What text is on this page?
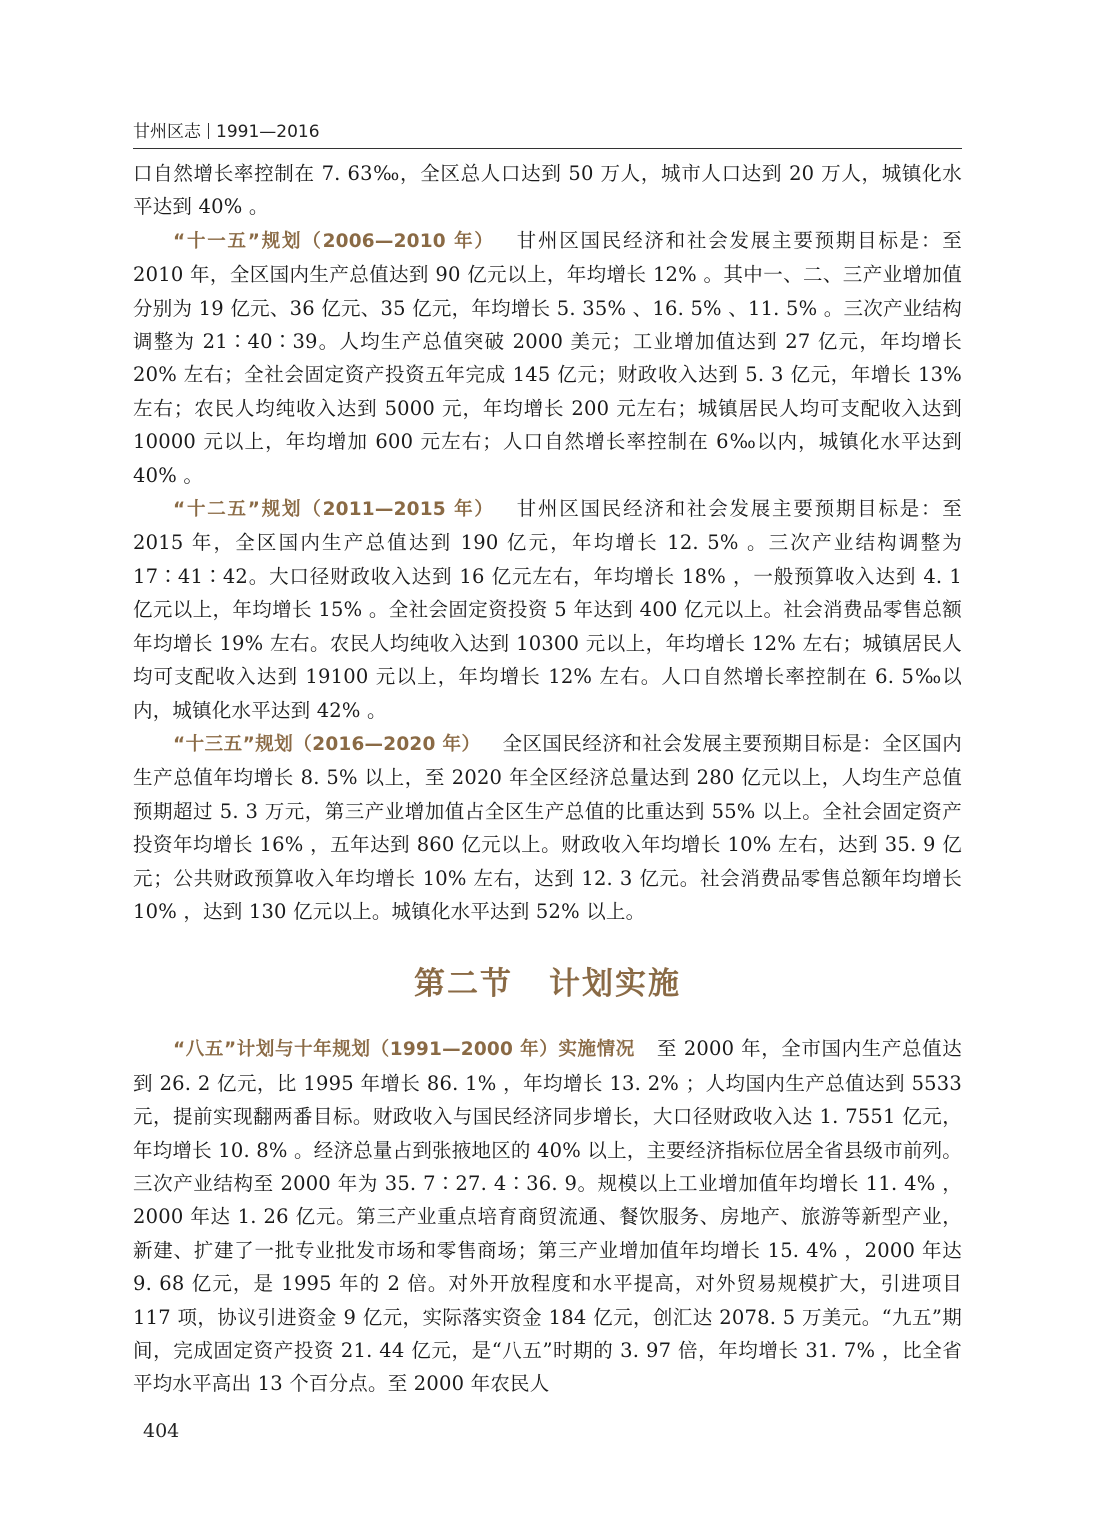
甘州区志 1991—2016

口自然增长率控制在 7. 63‰，全区总人口达到 50 万人，城市人口达到 20 万人，城镇化水平达到 40% 。

“十一五”规划（2006—2010 年） 甘州区国民经济和社会发展主要预期目标是：至 2010 年，全区国内生产总值达到 90 亿元以上，年均增长 12% 。其中一、二、三产业增加值分别为 19 亿元、36 亿元、35 亿元，年均增长 5. 35% 、16. 5% 、11. 5% 。三次产业结构调整为 21∶40∶39。人均生产总值突破 2000 美元；工业增加值达到 27 亿元，年均增长 20% 左右；全社会固定资产投资五年完成 145 亿元；财政收入达到 5. 3 亿元，年增长 13% 左右；农民人均纯收入达到 5000 元，年均增长 200 元左右；城镇居民人均可支配收入达到 10000 元以上，年均增加 600 元左右；人口自然增长率控制在 6‰以内，城镇化水平达到 40% 。

“十二五”规划（2011—2015 年） 甘州区国民经济和社会发展主要预期目标是：至 2015 年，全区国内生产总值达到 190 亿元，年均增长 12. 5% 。三次产业结构调整为 17∶41∶42。大口径财政收入达到 16 亿元左右，年均增长 18% ，一般预算收入达到 4. 1 亿元以上，年均增长 15% 。全社会固定资投资 5 年达到 400 亿元以上。社会消费品零售总额年均增长 19% 左右。农民人均纯收入达到 10300 元以上，年均增长 12% 左右；城镇居民人均可支配收入达到 19100 元以上，年均增长 12% 左右。人口自然增长率控制在 6. 5‰以内，城镇化水平达到 42% 。

“十三五”规划（2016—2020 年） 全区国民经济和社会发展主要预期目标是：全区国内生产总值年均增长 8. 5% 以上，至 2020 年全区经济总量达到 280 亿元以上，人均生产总值预期超过 5. 3 万元，第三产业增加值占全区生产总值的比重达到 55% 以上。全社会固定资产投资年均增长 16% ，五年达到 860 亿元以上。财政收入年均增长 10% 左右，达到 35. 9 亿元；公共财政预算收入年均增长 10% 左右，达到 12. 3 亿元。社会消费品零售总额年均增长 10% ，达到 130 亿元以上。城镇化水平达到 52% 以上。

第二节 计划实施

“八五”计划与十年规划（1991—2000 年）实施情况 至 2000 年，全市国内生产总值达到 26. 2 亿元，比 1995 年增长 86. 1% ，年均增长 13. 2% ；人均国内生产总值达到 5533 元，提前实现翻两番目标。财政收入与国民经济同步增长，大口径财政收入达 1. 7551 亿元，年均增长 10. 8% 。经济总量占到张掖地区的 40% 以上，主要经济指标位居全省县级市前列。三次产业结构至 2000 年为 35. 7∶27. 4∶36. 9。规模以上工业增加值年均增长 11. 4% ，2000 年达 1. 26 亿元。第三产业重点培育商贸流通、餐饮服务、房地产、旅游等新型产业，新建、扩建了一批专业批发市场和零售商场；第三产业增加值年均增长 15. 4% ，2000 年达 9. 68 亿元，是 1995 年的 2 倍。对外开放程度和水平提高，对外贸易规模扩大，引进项目 117 项，协议引进资金 9 亿元，实际落实资金 184 亿元，创汇达 2078. 5 万美元。“九五”期间，完成固定资产投资 21. 44 亿元，是“八五”时期的 3. 97 倍，年均增长 31. 7% ，比全省平均水平高出 13 个百分点。至 2000 年农民人

404
